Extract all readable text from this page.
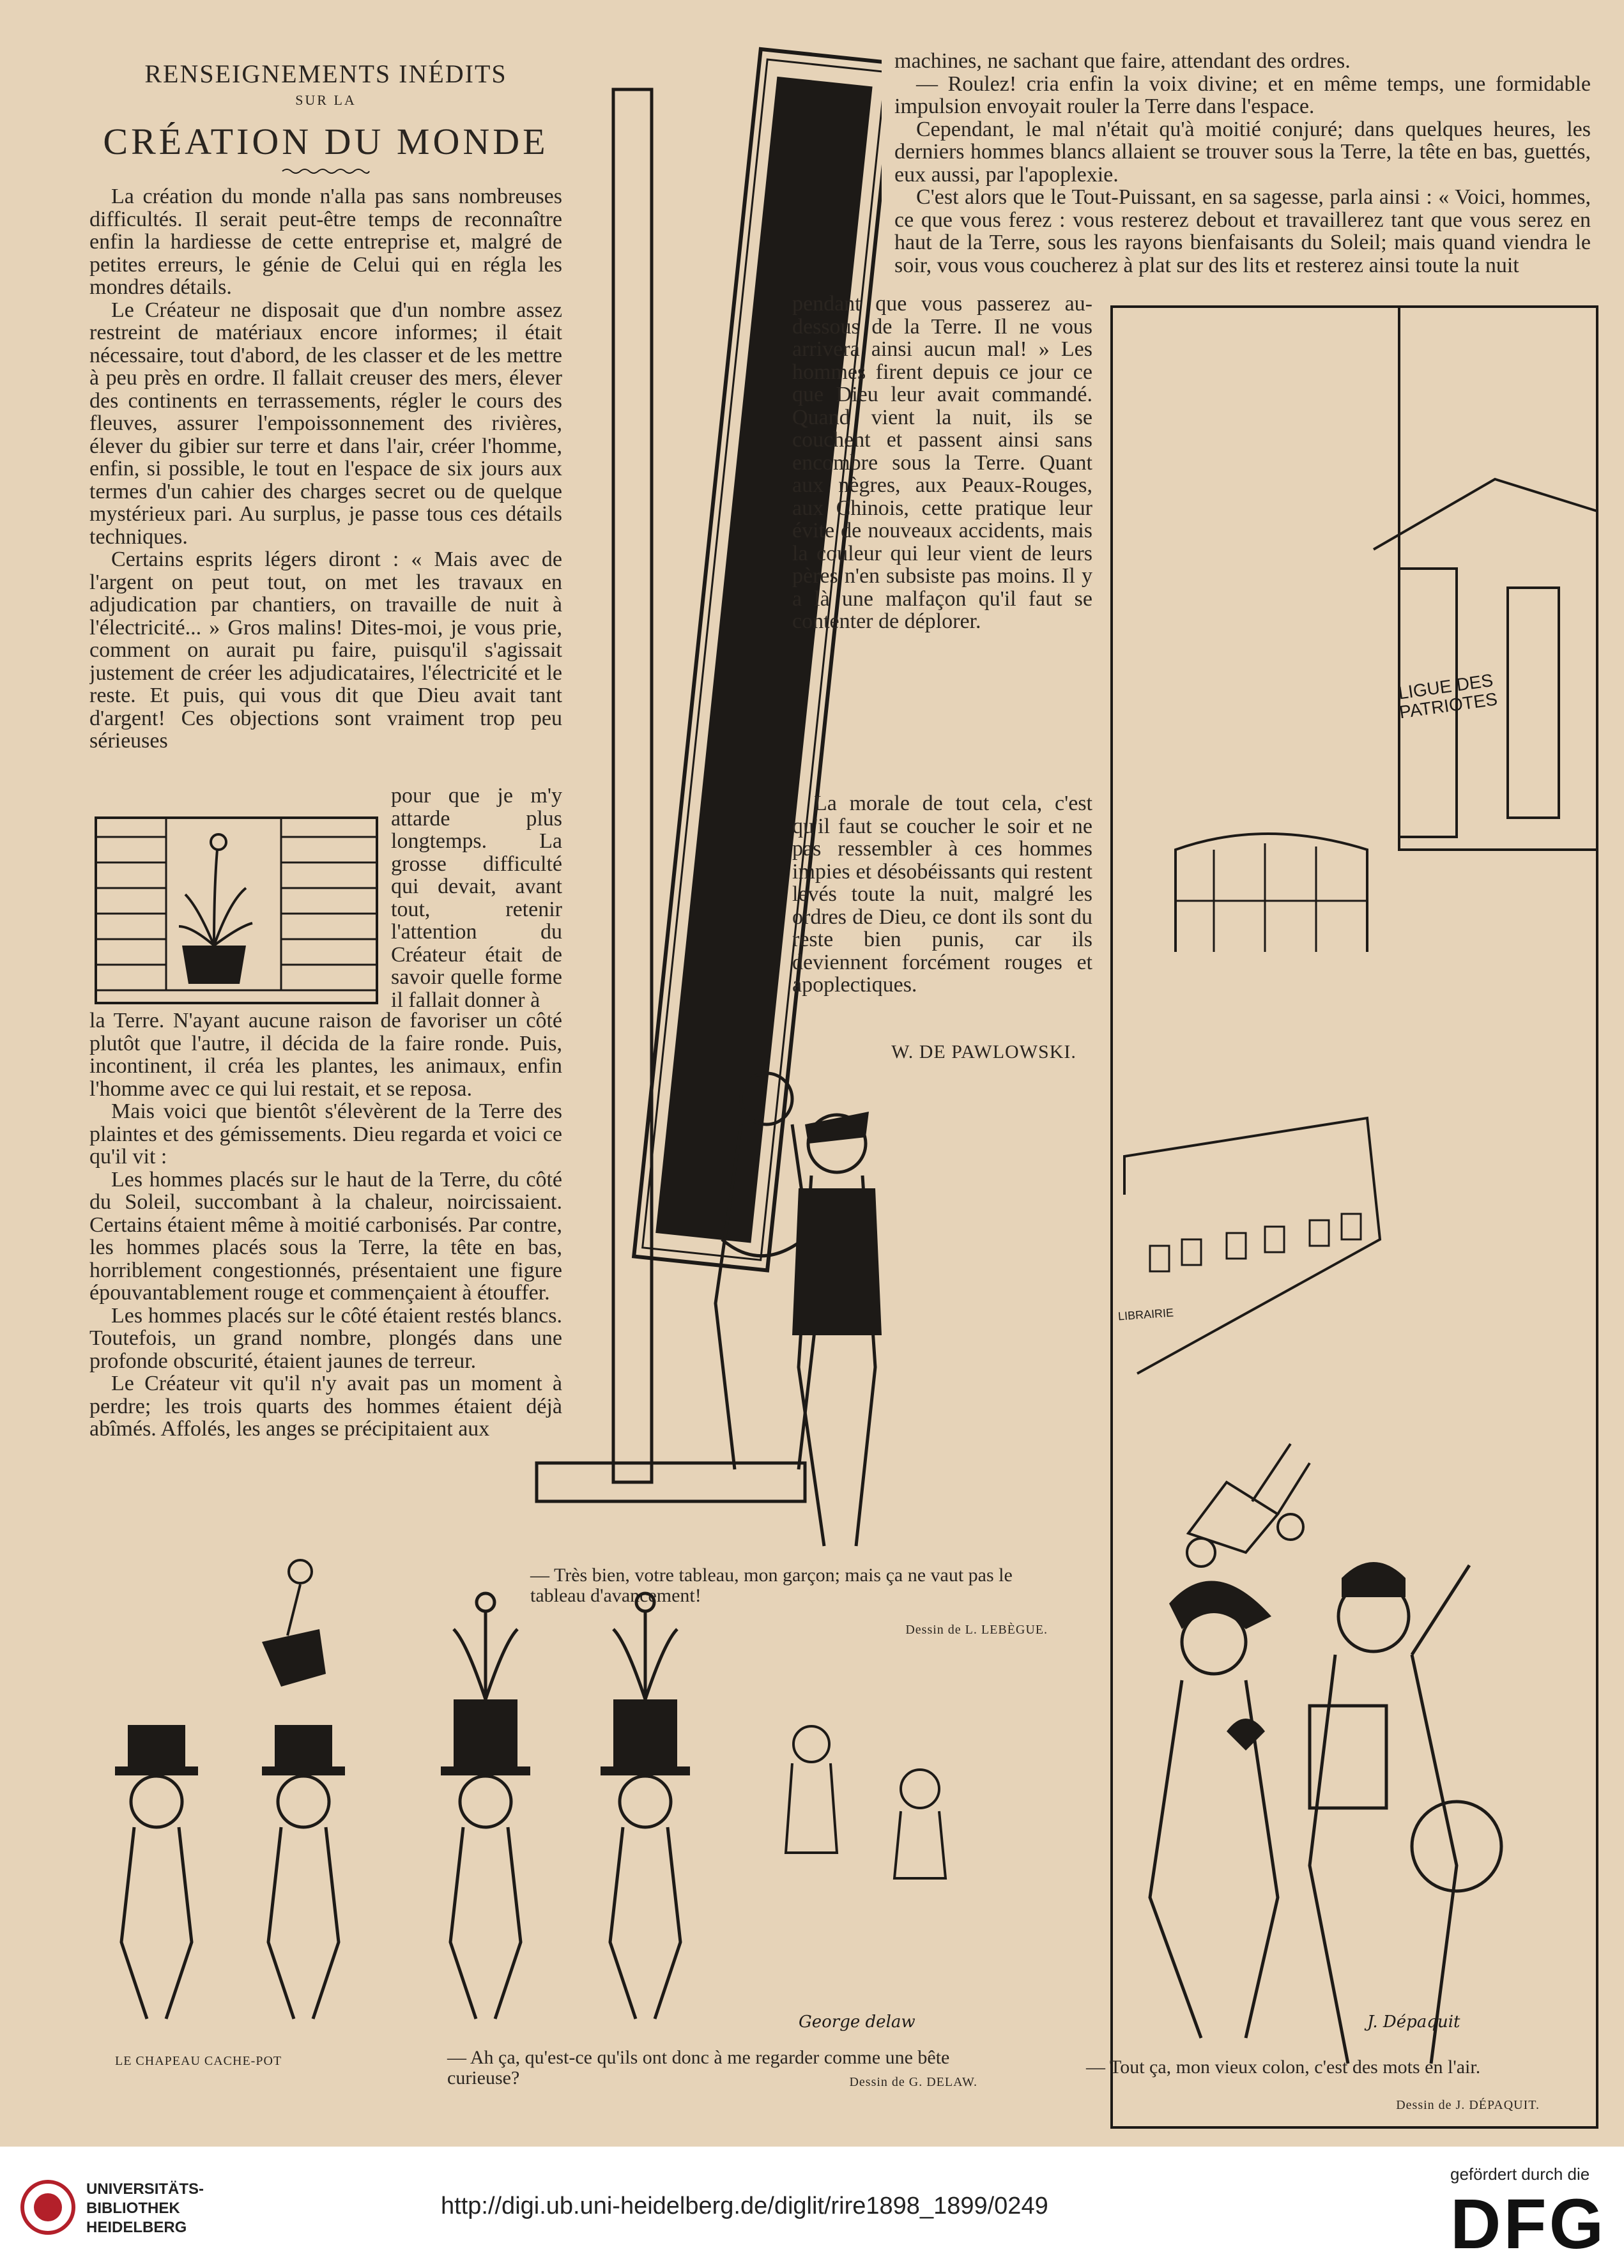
RENSEIGNEMENTS INÉDITS
SUR LA
CRÉATION DU MONDE

La création du monde n'alla pas sans nombreuses difficultés. Il serait peut-être temps de reconnaître enfin la hardiesse de cette entreprise et, malgré de petites erreurs, le génie de Celui qui en régla les mondres détails.

Le Créateur ne disposait que d'un nombre assez restreint de matériaux encore informes; il était nécessaire, tout d'abord, de les classer et de les mettre à peu près en ordre. Il fallait creuser des mers, élever des continents en terrassements, régler le cours des fleuves, assurer l'empoissonnement des rivières, élever du gibier sur terre et dans l'air, créer l'homme, enfin, si possible, le tout en l'espace de six jours aux termes d'un cahier des charges secret ou de quelque mystérieux pari. Au surplus, je passe tous ces détails techniques.

Certains esprits légers diront : « Mais avec de l'argent on peut tout, on met les travaux en adjudication par chantiers, on travaille de nuit à l'électricité... » Gros malins! Dites-moi, je vous prie, comment on aurait pu faire, puisqu'il s'agissait justement de créer les adjudicataires, l'électricité et le reste. Et puis, qui vous dit que Dieu avait tant d'argent! Ces objections sont vraiment trop peu sérieuses

pour que je m'y attarde plus longtemps. La grosse difficulté qui devait, avant tout, retenir l'attention du Créateur était de savoir quelle forme il fallait donner à

la Terre. N'ayant aucune raison de favoriser un côté plutôt que l'autre, il décida de la faire ronde. Puis, incontinent, il créa les plantes, les animaux, enfin l'homme avec ce qui lui restait, et se reposa.

Mais voici que bientôt s'élevèrent de la Terre des plaintes et des gémissements. Dieu regarda et voici ce qu'il vit :

Les hommes placés sur le haut de la Terre, du côté du Soleil, succombant à la chaleur, noircissaient. Certains étaient même à moitié carbonisés. Par contre, les hommes placés sous la Terre, la tête en bas, horriblement congestionnés, présentaient une figure épouvantablement rouge et commençaient à étouffer.

Les hommes placés sur le côté étaient restés blancs. Toutefois, un grand nombre, plongés dans une profonde obscurité, étaient jaunes de terreur.

Le Créateur vit qu'il n'y avait pas un moment à perdre; les trois quarts des hommes étaient déjà abîmés. Affolés, les anges se précipitaient aux

— Très bien, votre tableau, mon garçon; mais ça ne vaut pas le tableau d'avancement!
Dessin de L. LEBÈGUE.

machines, ne sachant que faire, attendant des ordres.

— Roulez! cria enfin la voix divine; et en même temps, une formidable impulsion envoyait rouler la Terre dans l'espace.

Cependant, le mal n'était qu'à moitié conjuré; dans quelques heures, les derniers hommes blancs allaient se trouver sous la Terre, la tête en bas, guettés, eux aussi, par l'apoplexie.

C'est alors que le Tout-Puissant, en sa sagesse, parla ainsi : « Voici, hommes, ce que vous ferez : vous resterez debout et travaillerez tant que vous serez en haut de la Terre, sous les rayons bienfaisants du Soleil; mais quand viendra le soir, vous vous coucherez à plat sur des lits et resterez ainsi toute la nuit

pendant que vous passerez au-dessous de la Terre. Il ne vous arrivera ainsi aucun mal! » Les hommes firent depuis ce jour ce que Dieu leur avait commandé. Quand vient la nuit, ils se couchent et passent ainsi sans encombre sous la Terre. Quant aux nègres, aux Peaux-Rouges, aux Chinois, cette pratique leur évite de nouveaux accidents, mais la couleur qui leur vient de leurs pères n'en subsiste pas moins. Il y a là une malfaçon qu'il faut se contenter de déplorer.

La morale de tout cela, c'est qu'il faut se coucher le soir et ne pas ressembler à ces hommes impies et désobéissants qui restent levés toute la nuit, malgré les ordres de Dieu, ce dont ils sont du reste bien punis, car ils deviennent forcément rouges et apoplectiques.

W. DE PAWLOWSKI.
LIGUE DES PATRIOTES
LIBRAIRIE
J. Dépaquit
— Tout ça, mon vieux colon, c'est des mots en l'air.
Dessin de J. DÉPAQUIT.
George delaw
LE CHAPEAU CACHE-POT	— Ah ça, qu'est-ce qu'ils ont donc à me regarder comme une bête curieuse?	Dessin de G. DELAW.
UNIVERSITÄTS-
BIBLIOTHEK
HEIDELBERG
http://digi.ub.uni-heidelberg.de/diglit/rire1898_1899/0249
gefördert durch die
DFG
